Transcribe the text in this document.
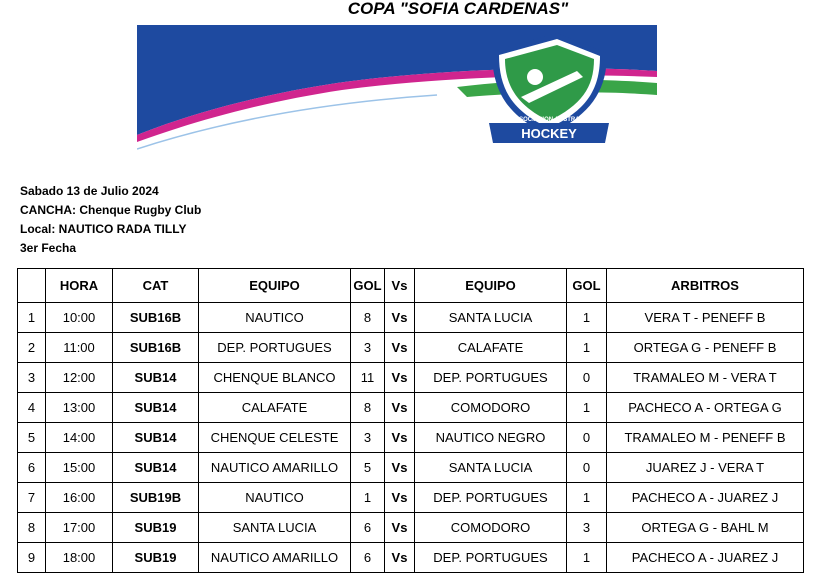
COPA "SOFIA CARDENAS"
ASOCIACION AUSTRAL
HOCKEY
Sabado 13 de Julio 2024
CANCHA: Chenque Rugby Club
Local: NAUTICO RADA TILLY
3er Fecha
	HORA	CAT	EQUIPO	GOL	Vs	EQUIPO	GOL	ARBITROS
1	10:00	SUB16B	NAUTICO	8	Vs	SANTA LUCIA	1	VERA T - PENEFF B
2	11:00	SUB16B	DEP. PORTUGUES	3	Vs	CALAFATE	1	ORTEGA G - PENEFF B
3	12:00	SUB14	CHENQUE BLANCO	11	Vs	DEP. PORTUGUES	0	TRAMALEO M - VERA T
4	13:00	SUB14	CALAFATE	8	Vs	COMODORO	1	PACHECO A - ORTEGA G
5	14:00	SUB14	CHENQUE CELESTE	3	Vs	NAUTICO NEGRO	0	TRAMALEO M - PENEFF B
6	15:00	SUB14	NAUTICO AMARILLO	5	Vs	SANTA LUCIA	0	JUAREZ J - VERA T
7	16:00	SUB19B	NAUTICO	1	Vs	DEP. PORTUGUES	1	PACHECO A - JUAREZ J
8	17:00	SUB19	SANTA LUCIA	6	Vs	COMODORO	3	ORTEGA G - BAHL M
9	18:00	SUB19	NAUTICO AMARILLO	6	Vs	DEP. PORTUGUES	1	PACHECO A - JUAREZ J
